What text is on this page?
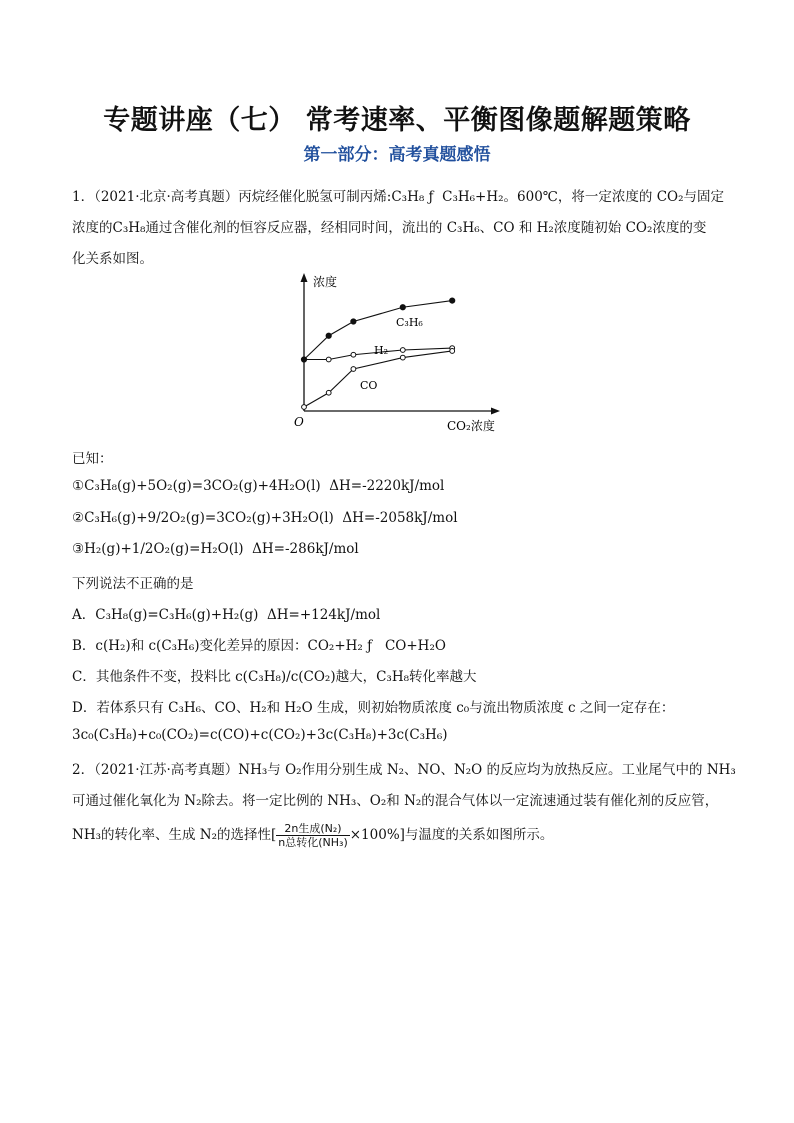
专题讲座（七） 常考速率、平衡图像题解题策略
第一部分：高考真题感悟
1．（2021·北京·高考真题）丙烷经催化脱氢可制丙烯:C₃H₈ ƒ  C₃H₆+H₂。600℃，将一定浓度的 CO₂与固定
浓度的C₃H₈通过含催化剂的恒容反应器，经相同时间，流出的 C₃H₆、CO 和 H₂浓度随初始 CO₂浓度的变
化关系如图。
浓度
CO₂浓度
O
C₃H₆
H₂
CO
已知：
①C₃H₈(g)+5O₂(g)=3CO₂(g)+4H₂O(l)  ΔH=-2220kJ/mol
②C₃H₆(g)+9/2O₂(g)=3CO₂(g)+3H₂O(l)  ΔH=-2058kJ/mol
③H₂(g)+1/2O₂(g)=H₂O(l)  ΔH=-286kJ/mol
下列说法不正确的是
A．C₃H₈(g)=C₃H₆(g)+H₂(g)  ΔH=+124kJ/mol
B．c(H₂)和 c(C₃H₆)变化差异的原因：CO₂+H₂ ƒ   CO+H₂O
C．其他条件不变，投料比 c(C₃H₈)/c(CO₂)越大，C₃H₈转化率越大
D．若体系只有 C₃H₆、CO、H₂和 H₂O 生成，则初始物质浓度 c₀与流出物质浓度 c 之间一定存在：
3c₀(C₃H₈)+c₀(CO₂)=c(CO)+c(CO₂)+3c(C₃H₈)+3c(C₃H₆)
2．（2021·江苏·高考真题）NH₃与 O₂作用分别生成 N₂、NO、N₂O 的反应均为放热反应。工业尾气中的 NH₃
可通过催化氧化为 N₂除去。将一定比例的 NH₃、O₂和 N₂的混合气体以一定流速通过装有催化剂的反应管，
NH₃的转化率、生成 N₂的选择性[ $\frac{\text{2n生成(N₂)}}{\text{n总转化(NH₃)}} \times 100\%$]与温度的关系如图所示。
